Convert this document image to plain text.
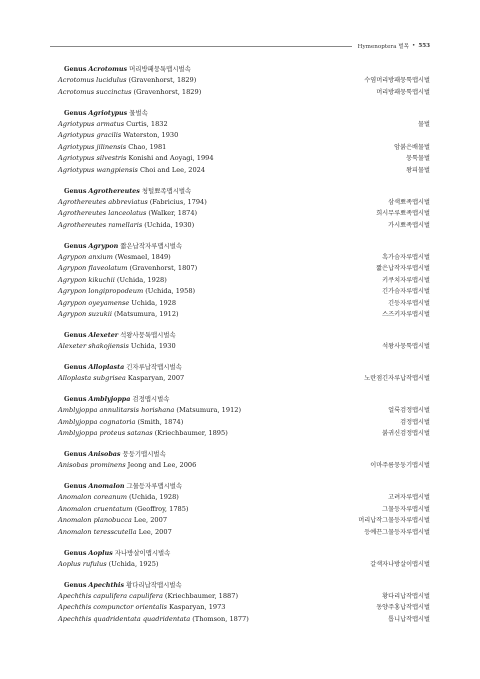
Hymenoptera 벌목 • 553
Genus Acrotomus 머리방패뭉툭맵시벌속
Acrotomus lucidulus (Gravenhorst, 1829)	수염머리방패뭉툭맵시벌
Acrotomus succinctus (Gravenhorst, 1829)	머리방패뭉툭맵시벌
Genus Agriotypus 물벌속
Agriotypus armatus Curtis, 1832	물벌
Agriotypus gracilis Waterston, 1930
Agriotypus jilinensis Chao, 1981	암붉은배물벌
Agriotypus silvestris Konishi and Aoyagi, 1994	뭉툭물벌
Agriotypus wangpiensis Choi and Lee, 2024	왕피물벌
Genus Agrothereutes 청털뾰족맵시벌속
Agrothereutes abbreviatus (Fabricius, 1794)	삼색뾰족맵시벌
Agrothereutes lanceolatus (Walker, 1874)	희시무루뾰족맵시벌
Agrothereutes ramellaris (Uchida, 1930)	가시뾰족맵시벌
Genus Agrypon 짧은납작자루맵시벌속
Agrypon anxium (Wesmael, 1849)	흑가슴자루맵시벌
Agrypon flaveolatum (Gravenhorst, 1807)	짧은납작자루맵시벌
Agrypon kikuchii (Uchida, 1928)	키쿠치자루맵시벌
Agrypon longipropodeum (Uchida, 1958)	긴가슴자루맵시벌
Agrypon oyeyamense Uchida, 1928	긴등자루맵시벌
Agrypon suzukii (Matsumura, 1912)	스즈키자루맵시벌
Genus Alexeter 석왕사뭉툭맵시벌속
Alexeter shakojiensis Uchida, 1930	석왕사뭉툭맵시벌
Genus Alloplasta 긴자루납작맵시벌속
Alloplasta subgrisea Kasparyan, 2007	노란점긴자루납작맵시벌
Genus Amblyjoppa 검정맵시벌속
Amblyjoppa annulitarsis horishana (Matsumura, 1912)	얼룩검정맵시벌
Amblyjoppa cognatoria (Smith, 1874)	검정맵시벌
Amblyjoppa proteus satanas (Kriechbaumer, 1895)	붉귀신검정맵시벌
Genus Anisobas 뭉둥기맵시벌속
Anisobas prominens Jeong and Lee, 2006	이마주름뭉둥기맵시벌
Genus Anomalon 그물등자루맵시벌속
Anomalon coreanum (Uchida, 1928)	고려자루맵시벌
Anomalon cruentatum (Geoffroy, 1785)	그물등자루맵시벌
Anomalon planobucca Lee, 2007	머리납작그물등자루맵시벌
Anomalon teresscutella Lee, 2007	등예끈그물등자루맵시벌
Genus Aoplus 자나방살이맵시벌속
Aoplus rufulus (Uchida, 1925)	갈색자나방살이맵시벌
Genus Apechthis 황다리납작맵시벌속
Apechthis capulifera capulifera (Kriechbaumer, 1887)	황다리납작맵시벌
Apechthis compunctor orientalis Kasparyan, 1973	동양주홍납작맵시벌
Apechthis quadridentata quadridentata (Thomson, 1877)	톱니납작맵시벌
